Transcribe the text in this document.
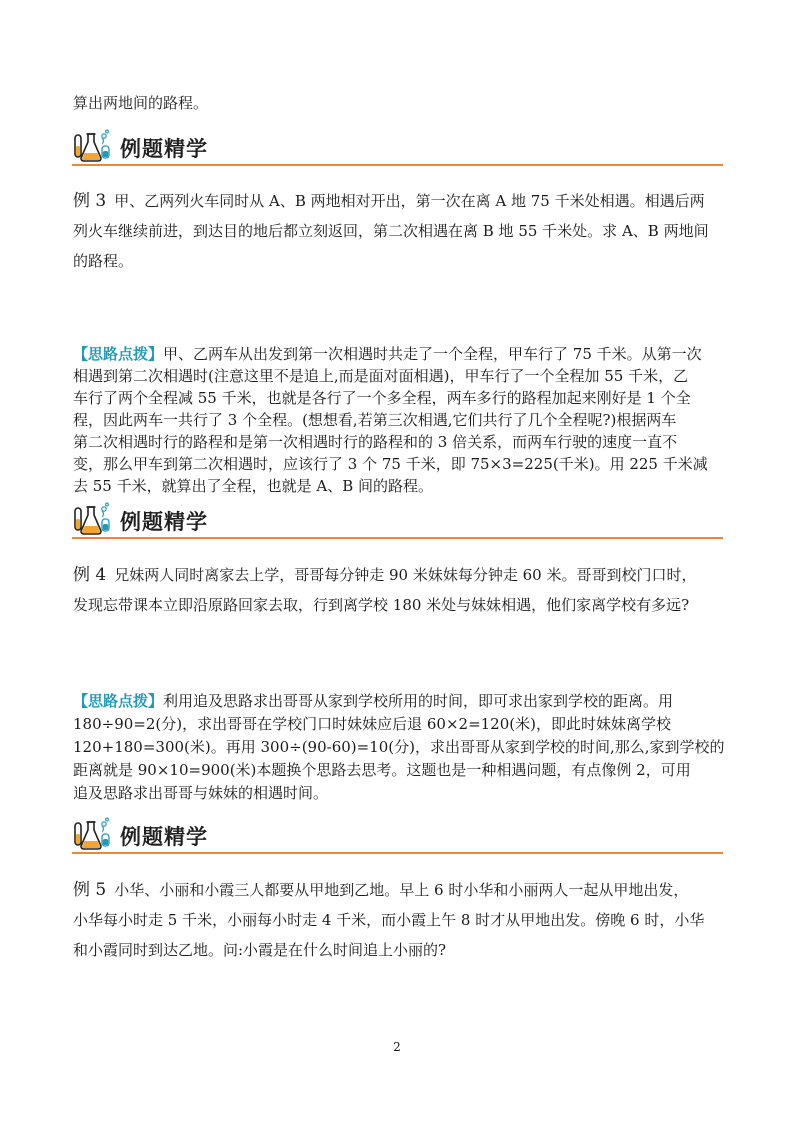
算出两地间的路程。
例题精学

例 3 甲、乙两列火车同时从 A、B 两地相对开出，第一次在离 A 地 75 千米处相遇。相遇后两

列火车继续前进，到达目的地后都立刻返回，第二次相遇在离 B 地 55 千米处。求 A、B 两地间

的路程。

【思路点拨】甲、乙两车从出发到第一次相遇时共走了一个全程，甲车行了 75 千米。从第一次

相遇到第二次相遇时(注意这里不是追上,而是面对面相遇)，甲车行了一个全程加 55 千米，乙

车行了两个全程减 55 千米，也就是各行了一个多全程，两车多行的路程加起来刚好是 1 个全

程，因此两车一共行了 3 个全程。(想想看,若第三次相遇,它们共行了几个全程呢?)根据两车

第二次相遇时行的路程和是第一次相遇时行的路程和的 3 倍关系，而两车行驶的速度一直不

变，那么甲车到第二次相遇时，应该行了 3 个 75 千米，即 75×3=225(千米)。用 225 千米减

去 55 千米，就算出了全程，也就是 A、B 间的路程。

例题精学

例 4 兄妹两人同时离家去上学，哥哥每分钟走 90 米妹妹每分钟走 60 米。哥哥到校门口时，

发现忘带课本立即沿原路回家去取，行到离学校 180 米处与妹妹相遇，他们家离学校有多远?

【思路点拨】利用追及思路求出哥哥从家到学校所用的时间，即可求出家到学校的距离。用

180÷90=2(分)，求出哥哥在学校门口时妹妹应后退 60×2=120(米)，即此时妹妹离学校

120+180=300(米)。再用 300÷(90-60)=10(分)，求出哥哥从家到学校的时间,那么,家到学校的

距离就是 90×10=900(米)本题换个思路去思考。这题也是一种相遇问题，有点像例 2，可用

追及思路求出哥哥与妹妹的相遇时间。

例题精学

例 5 小华、小丽和小霞三人都要从甲地到乙地。早上 6 时小华和小丽两人一起从甲地出发，

小华每小时走 5 千米，小丽每小时走 4 千米，而小霞上午 8 时才从甲地出发。傍晚 6 时，小华

和小霞同时到达乙地。问:小霞是在什么时间追上小丽的?

2
